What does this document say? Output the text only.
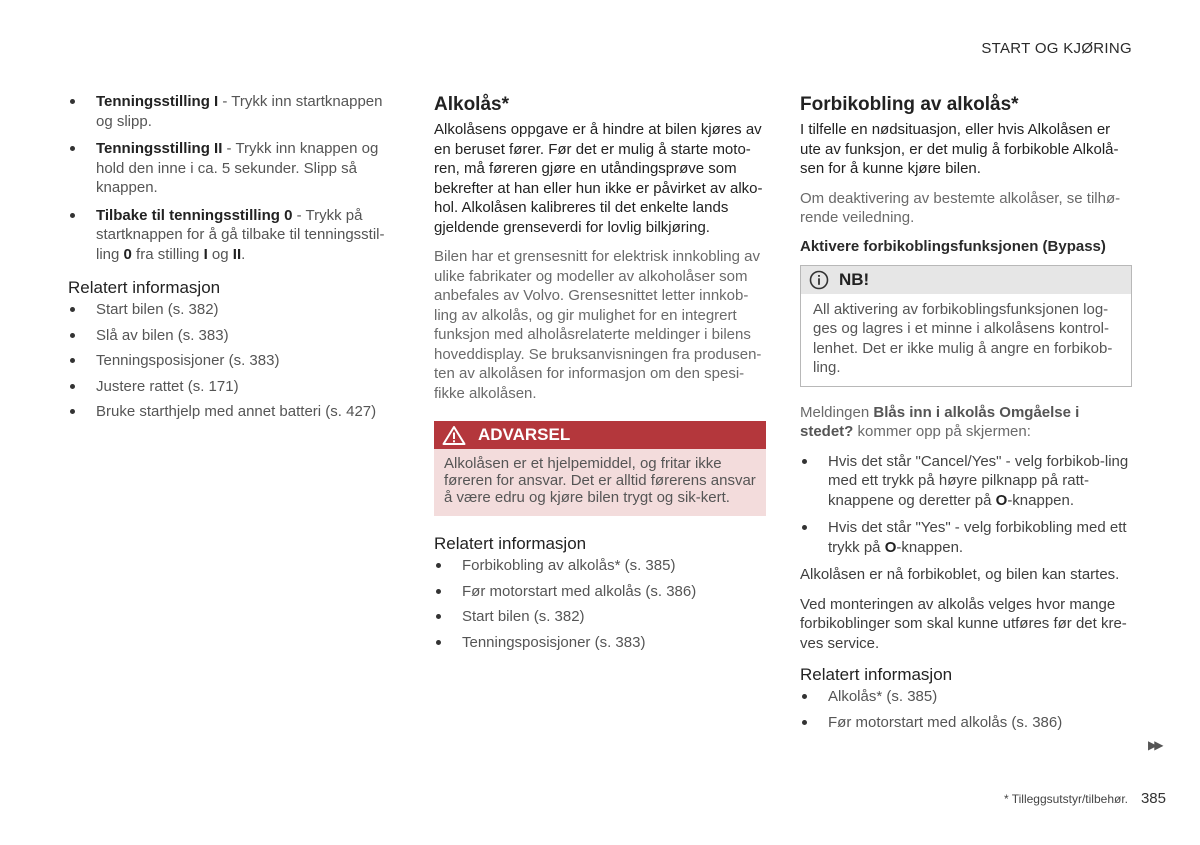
START OG KJØRING
Tenningsstilling I - Trykk inn startknappen og slipp.
Tenningsstilling II - Trykk inn knappen og hold den inne i ca. 5 sekunder. Slipp så knappen.
Tilbake til tenningsstilling 0 - Trykk på startknappen for å gå tilbake til tenningsstil-ling 0 fra stilling I og II.
Relatert informasjon
Start bilen (s. 382)
Slå av bilen (s. 383)
Tenningsposisjoner (s. 383)
Justere rattet (s. 171)
Bruke starthjelp med annet batteri (s. 427)
Alkolås*

Alkolåsens oppgave er å hindre at bilen kjøres av en beruset fører. Før det er mulig å starte moto-ren, må føreren gjøre en utåndingsprøve som bekrefter at han eller hun ikke er påvirket av alko-hol. Alkolåsen kalibreres til det enkelte lands gjeldende grenseverdi for lovlig bilkjøring.

Bilen har et grensesnitt for elektrisk innkobling av ulike fabrikater og modeller av alkoholåser som anbefales av Volvo. Grensesnittet letter innkob-ling av alkolås, og gir mulighet for en integrert funksjon med alholåsrelaterte meldinger i bilens hoveddisplay. Se bruksanvisningen fra produsen-ten av alkolåsen for informasjon om den spesi-fikke alkolåsen.

ADVARSEL
Alkolåsen er et hjelpemiddel, og fritar ikke føreren for ansvar. Det er alltid førerens ansvar å være edru og kjøre bilen trygt og sik-kert.
Relatert informasjon
Forbikobling av alkolås* (s. 385)
Før motorstart med alkolås (s. 386)
Start bilen (s. 382)
Tenningsposisjoner (s. 383)
Forbikobling av alkolås*

I tilfelle en nødsituasjon, eller hvis Alkolåsen er ute av funksjon, er det mulig å forbikoble Alkolå-sen for å kunne kjøre bilen.

Om deaktivering av bestemte alkolåser, se tilhø-rende veiledning.

Aktivere forbikoblingsfunksjonen (Bypass)
NB!
All aktivering av forbikoblingsfunksjonen log-ges og lagres i et minne i alkolåsens kontrol-lenhet. Det er ikke mulig å angre en forbikob-ling.

Meldingen Blås inn i alkolås Omgåelse i stedet? kommer opp på skjermen:

Hvis det står "Cancel/Yes" - velg forbikob-ling med ett trykk på høyre pilknapp på ratt-knappene og deretter på O-knappen.
Hvis det står "Yes" - velg forbikobling med ett trykk på O-knappen.

Alkolåsen er nå forbikoblet, og bilen kan startes.

Ved monteringen av alkolås velges hvor mange forbikoblinger som skal kunne utføres før det kre-ves service.

Relatert informasjon
Alkolås* (s. 385)
Før motorstart med alkolås (s. 386)
▶▶
* Tilleggsutstyr/tilbehør. 385
